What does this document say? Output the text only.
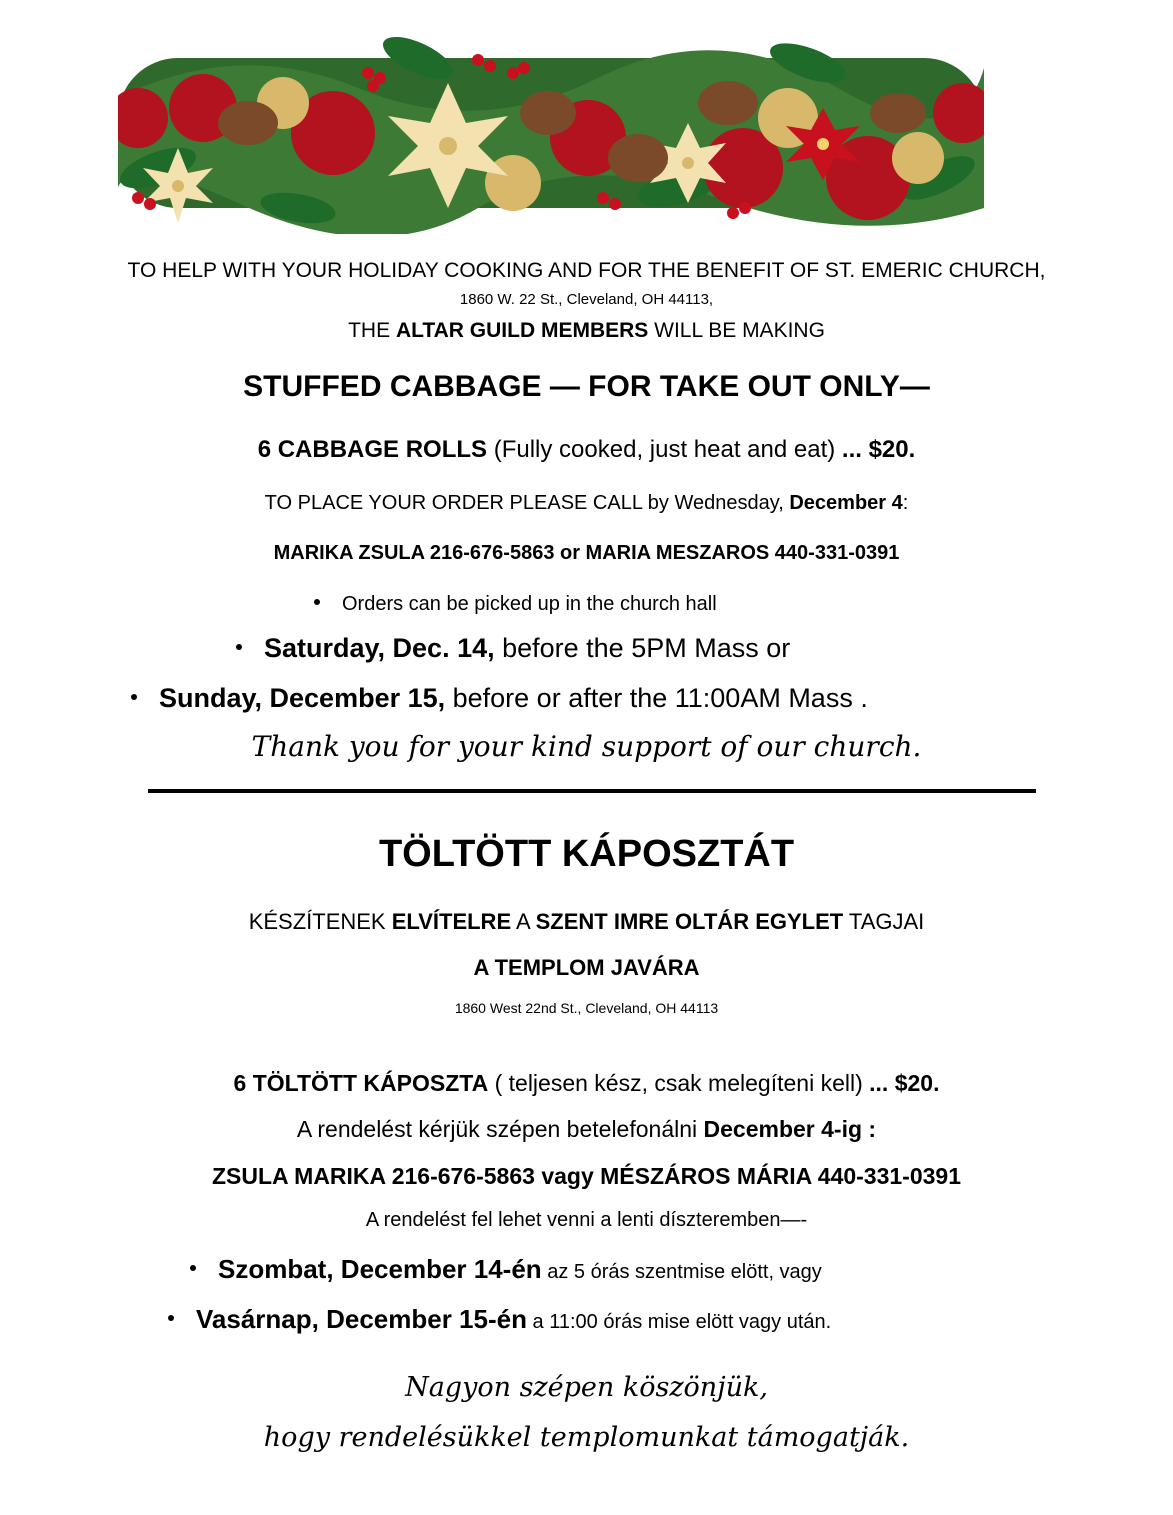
TO HELP WITH YOUR HOLIDAY COOKING AND FOR THE BENEFIT OF ST. EMERIC CHURCH,
1860 W. 22 St., Cleveland, OH 44113,
THE ALTAR GUILD MEMBERS WILL BE MAKING
STUFFED CABBAGE — FOR TAKE OUT ONLY—
6 CABBAGE ROLLS (Fully cooked, just heat and eat) ... $20.
TO PLACE YOUR ORDER PLEASE CALL by Wednesday, December 4:
MARIKA ZSULA 216-676-5863 or MARIA MESZAROS 440-331-0391
Orders can be picked up in the church hall
Saturday, Dec. 14, before the 5PM Mass or
Sunday, December 15, before or after the 11:00AM Mass .
Thank you for your kind support of our church.
TÖLTÖTT KÁPOSZTÁT
KÉSZÍTENEK ELVÍTELRE A SZENT IMRE OLTÁR EGYLET TAGJAI
A TEMPLOM JAVÁRA
1860 West 22nd St., Cleveland, OH 44113
6 TÖLTÖTT KÁPOSZTA ( teljesen kész, csak melegíteni kell) ... $20.
A rendelést kérjük szépen betelefonálni December 4-ig :
ZSULA MARIKA 216-676-5863 vagy MÉSZÁROS MÁRIA 440-331-0391
A rendelést fel lehet venni a lenti díszteremben—-
Szombat, December 14-én az 5 órás szentmise elött, vagy
Vasárnap, December 15-én a 11:00 órás mise elött vagy után.
Nagyon szépen köszönjük,
hogy rendelésükkel templomunkat támogatják.
